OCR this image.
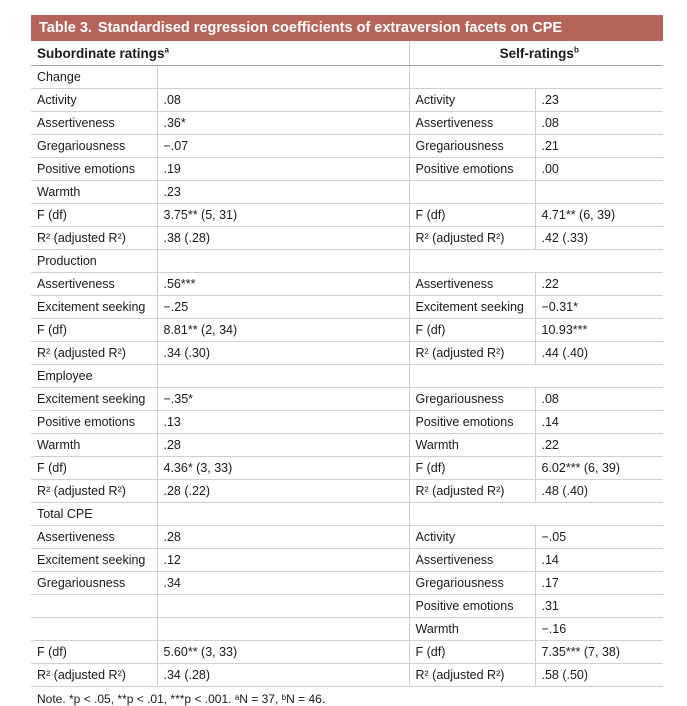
Table 3. Standardised regression coefficients of extraversion facets on CPE
Subordinate ratings$^a$		Self-ratings$^b$
Change			
Activity	.08	Activity	.23
Assertiveness	.36*	Assertiveness	.08
Gregariousness	−.07	Gregariousness	.21
Positive emotions	.19	Positive emotions	.00
Warmth	.23		
F (df)	3.75** (5, 31)	F (df)	4.71** (6, 39)
R² (adjusted R²)	.38 (.28)	R² (adjusted R²)	.42 (.33)
Production			
Assertiveness	.56***	Assertiveness	.22
Excitement seeking	−.25	Excitement seeking	−0.31*
F (df)	8.81** (2, 34)	F (df)	10.93***
R² (adjusted R²)	.34 (.30)	R² (adjusted R²)	.44 (.40)
Employee			
Excitement seeking	−.35*	Gregariousness	.08
Positive emotions	.13	Positive emotions	.14
Warmth	.28	Warmth	.22
F (df)	4.36* (3, 33)	F (df)	6.02*** (6, 39)
R² (adjusted R²)	.28 (.22)	R² (adjusted R²)	.48 (.40)
Total CPE			
Assertiveness	.28	Activity	−.05
Excitement seeking	.12	Assertiveness	.14
Gregariousness	.34	Gregariousness	.17
		Positive emotions	.31
		Warmth	−.16
F (df)	5.60** (3, 33)	F (df)	7.35*** (7, 38)
R² (adjusted R²)	.34 (.28)	R² (adjusted R²)	.58 (.50)
Note. *p < .05, **p < .01, ***p < .001. ᵃN = 37, ᵇN = 46.
